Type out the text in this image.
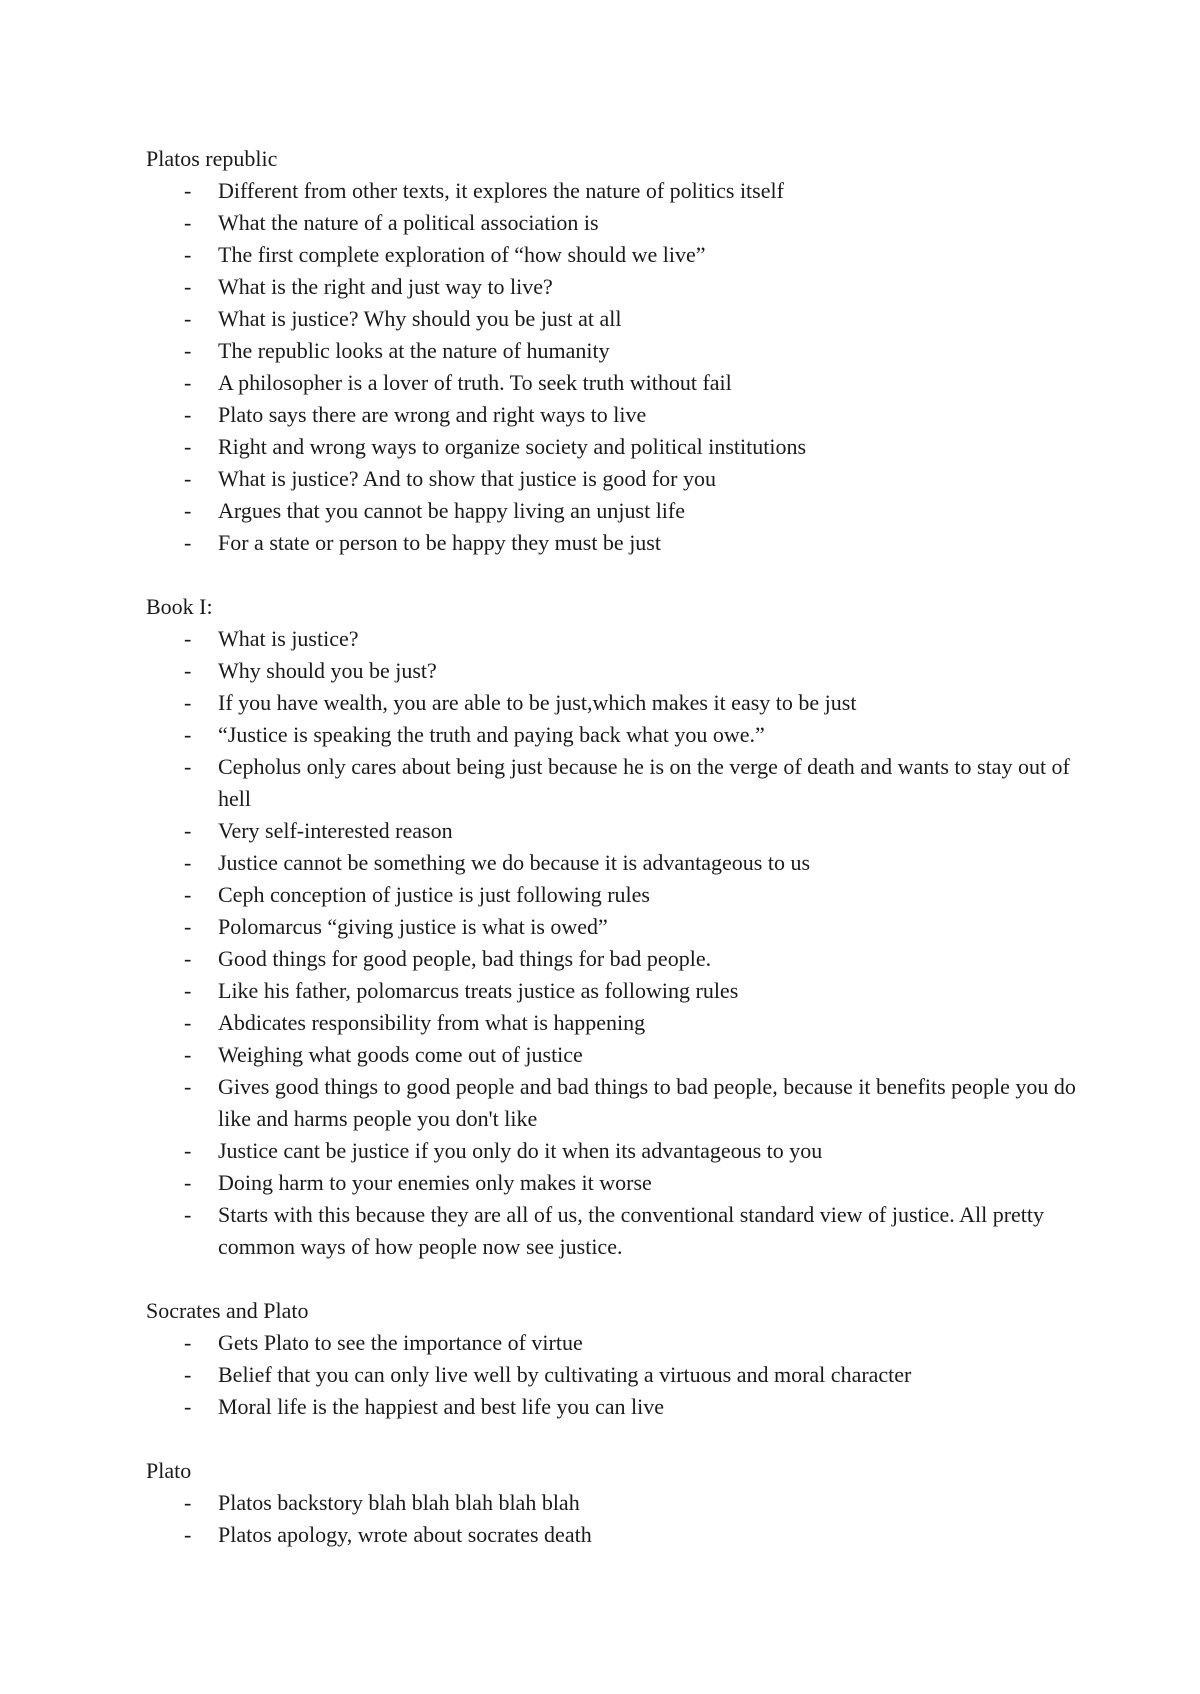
Platos republic
- Different from other texts, it explores the nature of politics itself
- What the nature of a political association is
- The first complete exploration of “how should we live”
- What is the right and just way to live?
- What is justice? Why should you be just at all
- The republic looks at the nature of humanity
- A philosopher is a lover of truth. To seek truth without fail
- Plato says there are wrong and right ways to live
- Right and wrong ways to organize society and political institutions
- What is justice? And to show that justice is good for you
- Argues that you cannot be happy living an unjust life
- For a state or person to be happy they must be just
Book I:
- What is justice?
- Why should you be just?
- If you have wealth, you are able to be just,which makes it easy to be just
- “Justice is speaking the truth and paying back what you owe.”
- Cepholus only cares about being just because he is on the verge of death and wants to stay out of hell
- Very self-interested reason
- Justice cannot be something we do because it is advantageous to us
- Ceph conception of justice is just following rules
- Polomarcus “giving justice is what is owed”
- Good things for good people, bad things for bad people.
- Like his father, polomarcus treats justice as following rules
- Abdicates responsibility from what is happening
- Weighing what goods come out of justice
- Gives good things to good people and bad things to bad people, because it benefits people you do like and harms people you don't like
- Justice cant be justice if you only do it when its advantageous to you
- Doing harm to your enemies only makes it worse
- Starts with this because they are all of us, the conventional standard view of justice. All pretty common ways of how people now see justice.
Socrates and Plato
- Gets Plato to see the importance of virtue
- Belief that you can only live well by cultivating a virtuous and moral character
- Moral life is the happiest and best life you can live
Plato
- Platos backstory blah blah blah blah blah
- Platos apology, wrote about socrates death
